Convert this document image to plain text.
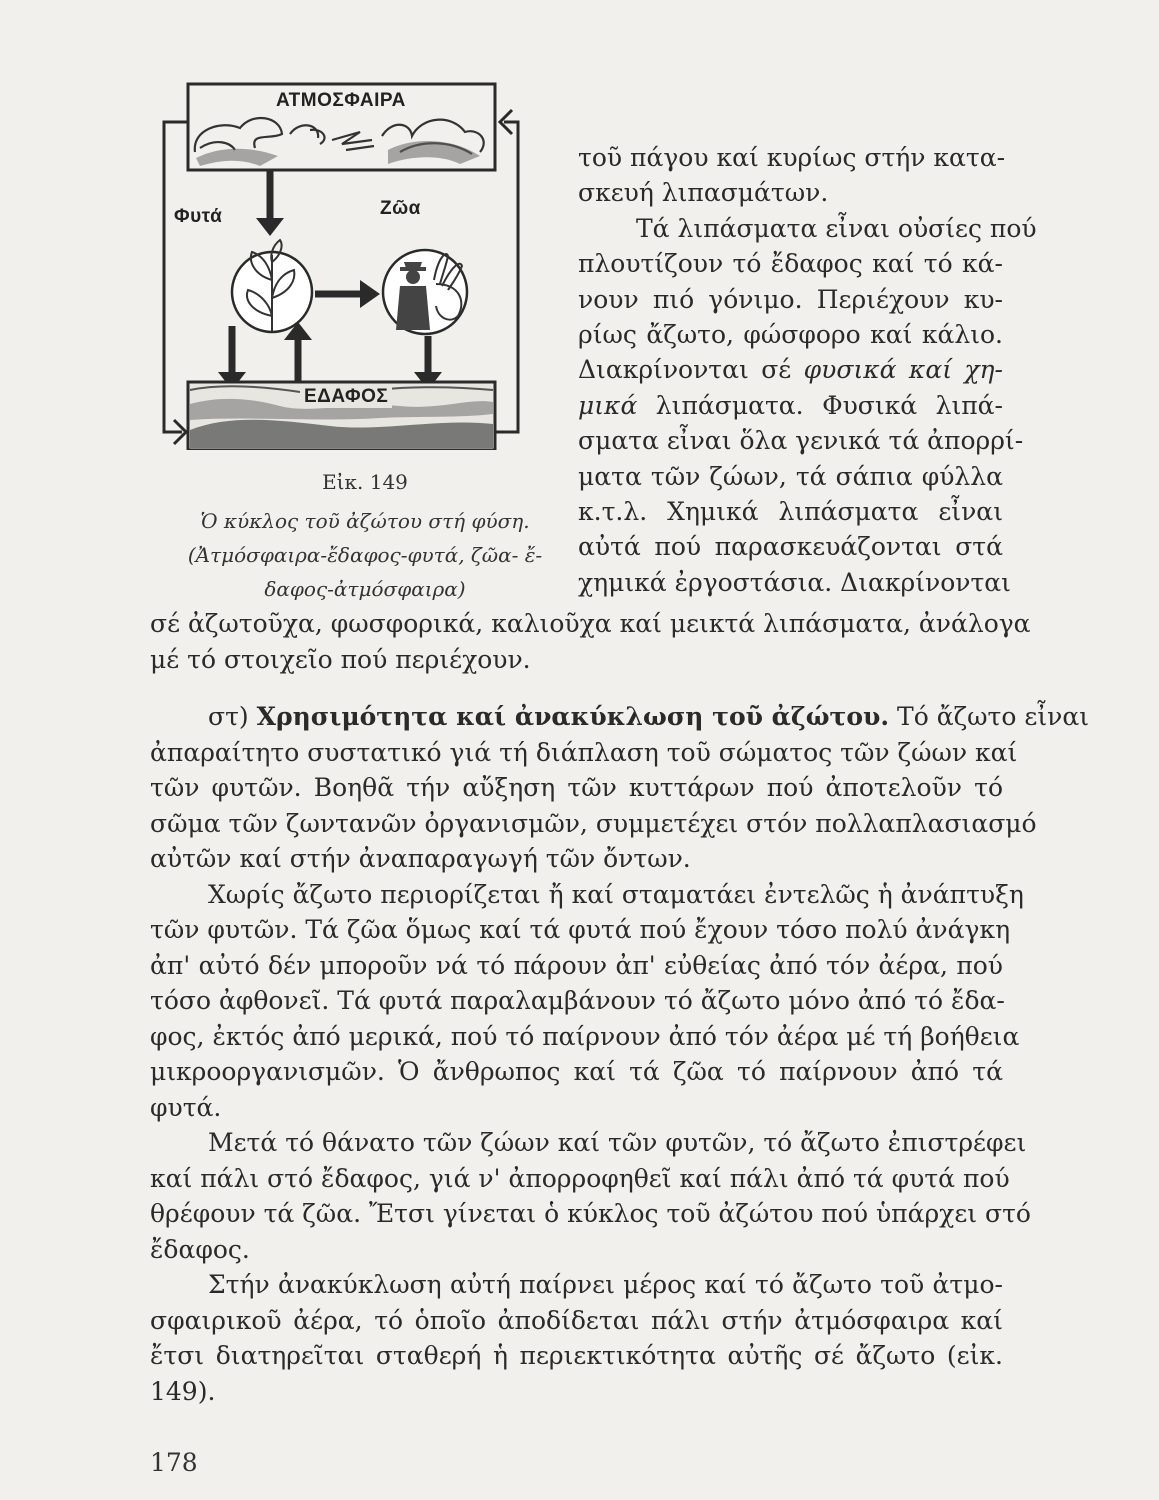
ΑΤΜΟΣΦΑΙΡΑ
Φυτά	Ζῶα
ΕΔΑΦΟΣ
Εἰκ. 149
Ὁ κύκλος τοῦ ἀζώτου στή φύση.
(Ἀτμόσφαιρα-ἔδαφος-φυτά, ζῶα- ἔ-
δαφος-ἀτμόσφαιρα)

τοῦ πάγου καί κυρίως στήν κατα-
σκευή λιπασμάτων.
Τά λιπάσματα εἶναι οὐσίες πού
πλουτίζουν τό ἔδαφος καί τό κά-
νουν πιό γόνιμο. Περιέχουν κυ-
ρίως ἄζωτο, φώσφορο καί κάλιο.
Διακρίνονται σέ φυσικά καί χη-
μικά λιπάσματα. Φυσικά λιπά-
σματα εἶναι ὅλα γενικά τά ἀπορρί-
ματα τῶν ζώων, τά σάπια φύλλα
κ.τ.λ. Χημικά λιπάσματα εἶναι
αὐτά πού παρασκευάζονται στά
χημικά ἐργοστάσια. Διακρίνονται

σέ ἀζωτοῦχα, φωσφορικά, καλιοῦχα καί μεικτά λιπάσματα, ἀνάλογα
μέ τό στοιχεῖο πού περιέχουν.
στ) Χρησιμότητα καί ἀνακύκλωση τοῦ ἀζώτου. Τό ἄζωτο εἶναι
ἀπαραίτητο συστατικό γιά τή διάπλαση τοῦ σώματος τῶν ζώων καί
τῶν φυτῶν. Βοηθᾶ τήν αὔξηση τῶν κυττάρων πού ἀποτελοῦν τό
σῶμα τῶν ζωντανῶν ὀργανισμῶν, συμμετέχει στόν πολλαπλασιασμό
αὐτῶν καί στήν ἀναπαραγωγή τῶν ὄντων.
Χωρίς ἄζωτο περιορίζεται ἤ καί σταματάει ἐντελῶς ἡ ἀνάπτυξη
τῶν φυτῶν. Τά ζῶα ὅμως καί τά φυτά πού ἔχουν τόσο πολύ ἀνάγκη
ἀπ' αὐτό δέν μποροῦν νά τό πάρουν ἀπ' εὐθείας ἀπό τόν ἀέρα, πού
τόσο ἀφθονεῖ. Τά φυτά παραλαμβάνουν τό ἄζωτο μόνο ἀπό τό ἔδα-
φος, ἐκτός ἀπό μερικά, πού τό παίρνουν ἀπό τόν ἀέρα μέ τή βοήθεια
μικροοργανισμῶν. Ὁ ἄνθρωπος καί τά ζῶα τό παίρνουν ἀπό τά
φυτά.
Μετά τό θάνατο τῶν ζώων καί τῶν φυτῶν, τό ἄζωτο ἐπιστρέφει
καί πάλι στό ἔδαφος, γιά ν' ἀπορροφηθεῖ καί πάλι ἀπό τά φυτά πού
θρέφουν τά ζῶα. Ἔτσι γίνεται ὁ κύκλος τοῦ ἀζώτου πού ὑπάρχει στό
ἔδαφος.
Στήν ἀνακύκλωση αὐτή παίρνει μέρος καί τό ἄζωτο τοῦ ἀτμο-
σφαιρικοῦ ἀέρα, τό ὁποῖο ἀποδίδεται πάλι στήν ἀτμόσφαιρα καί
ἔτσι διατηρεῖται σταθερή ἡ περιεκτικότητα αὐτῆς σέ ἄζωτο (εἰκ.
149).
178
